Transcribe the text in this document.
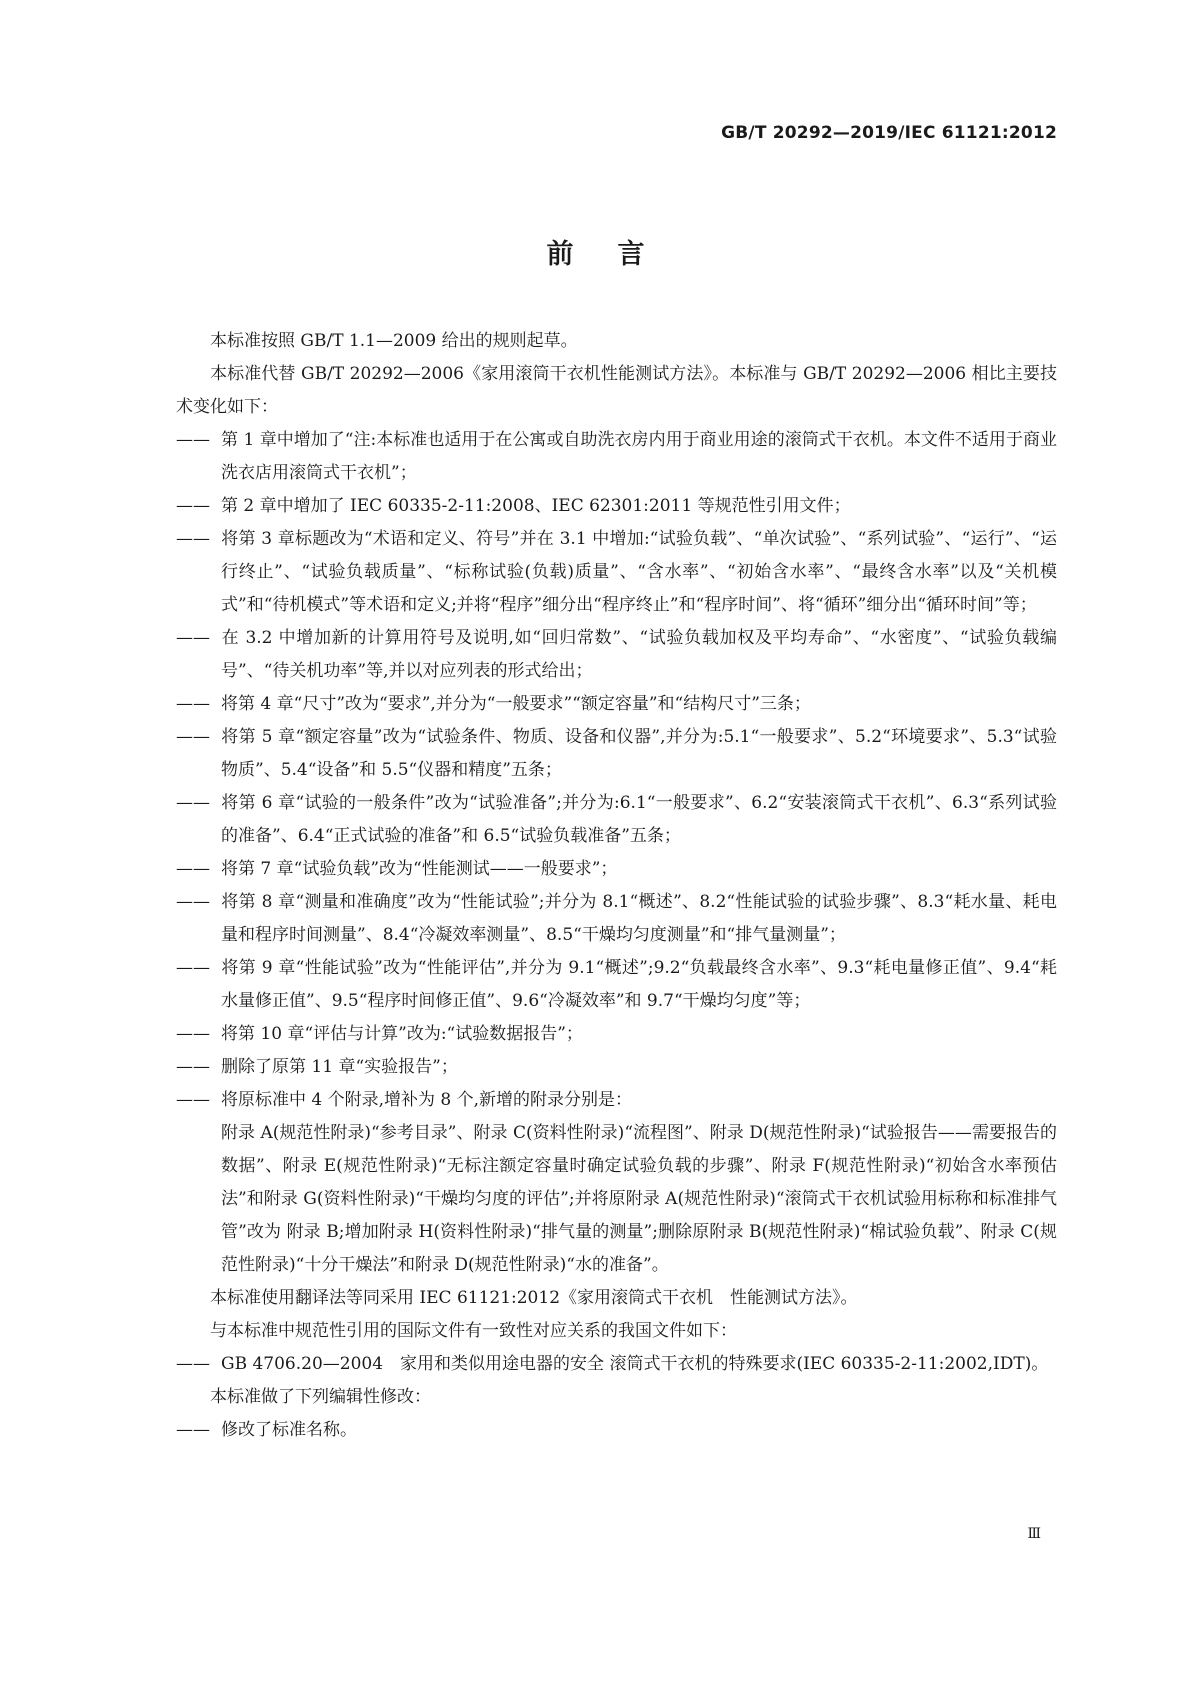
GB/T 20292—2019/IEC 61121:2012
前言

本标准按照 GB/T 1.1—2009 给出的规则起草。

本标准代替 GB/T 20292—2006《家用滚筒干衣机性能测试方法》。本标准与 GB/T 20292—2006 相比主要技术变化如下：

—— 第 1 章中增加了“注:本标准也适用于在公寓或自助洗衣房内用于商业用途的滚筒式干衣机。本文件不适用于商业洗衣店用滚筒式干衣机”；

—— 第 2 章中增加了 IEC 60335-2-11:2008、IEC 62301:2011 等规范性引用文件；

—— 将第 3 章标题改为“术语和定义、符号”并在 3.1 中增加:“试验负载”、“单次试验”、“系列试验”、“运行”、“运行终止”、“试验负载质量”、“标称试验(负载)质量”、“含水率”、“初始含水率”、“最终含水率”以及“关机模式”和“待机模式”等术语和定义;并将“程序”细分出“程序终止”和“程序时间”、将“循环”细分出“循环时间”等；

—— 在 3.2 中增加新的计算用符号及说明,如“回归常数”、“试验负载加权及平均寿命”、“水密度”、“试验负载编号”、“待关机功率”等,并以对应列表的形式给出；

—— 将第 4 章“尺寸”改为“要求”,并分为“一般要求”“额定容量”和“结构尺寸”三条；

—— 将第 5 章“额定容量”改为“试验条件、物质、设备和仪器”,并分为:5.1“一般要求”、5.2“环境要求”、5.3“试验物质”、5.4“设备”和 5.5“仪器和精度”五条；

—— 将第 6 章“试验的一般条件”改为“试验准备”;并分为:6.1“一般要求”、6.2“安装滚筒式干衣机”、6.3“系列试验的准备”、6.4“正式试验的准备”和 6.5“试验负载准备”五条；

—— 将第 7 章“试验负载”改为“性能测试——一般要求”；

—— 将第 8 章“测量和准确度”改为“性能试验”;并分为 8.1“概述”、8.2“性能试验的试验步骤”、8.3“耗水量、耗电量和程序时间测量”、8.4“冷凝效率测量”、8.5“干燥均匀度测量”和“排气量测量”；

—— 将第 9 章“性能试验”改为“性能评估”,并分为 9.1“概述”;9.2“负载最终含水率”、9.3“耗电量修正值”、9.4“耗水量修正值”、9.5“程序时间修正值”、9.6“冷凝效率”和 9.7“干燥均匀度”等；

—— 将第 10 章“评估与计算”改为:“试验数据报告”；

—— 删除了原第 11 章“实验报告”；

—— 将原标准中 4 个附录,增补为 8 个,新增的附录分别是：

附录 A(规范性附录)“参考目录”、附录 C(资料性附录)“流程图”、附录 D(规范性附录)“试验报告——需要报告的数据”、附录 E(规范性附录)“无标注额定容量时确定试验负载的步骤”、附录 F(规范性附录)“初始含水率预估法”和附录 G(资料性附录)“干燥均匀度的评估”;并将原附录 A(规范性附录)“滚筒式干衣机试验用标称和标准排气管”改为 附录 B;增加附录 H(资料性附录)“排气量的测量”;删除原附录 B(规范性附录)“棉试验负载”、附录 C(规范性附录)“十分干燥法”和附录 D(规范性附录)“水的准备”。

本标准使用翻译法等同采用 IEC 61121:2012《家用滚筒式干衣机　性能测试方法》。

与本标准中规范性引用的国际文件有一致性对应关系的我国文件如下：

—— GB 4706.20—2004　家用和类似用途电器的安全 滚筒式干衣机的特殊要求(IEC 60335-2-11:2002,IDT)。

本标准做了下列编辑性修改：

—— 修改了标准名称。

Ⅲ
